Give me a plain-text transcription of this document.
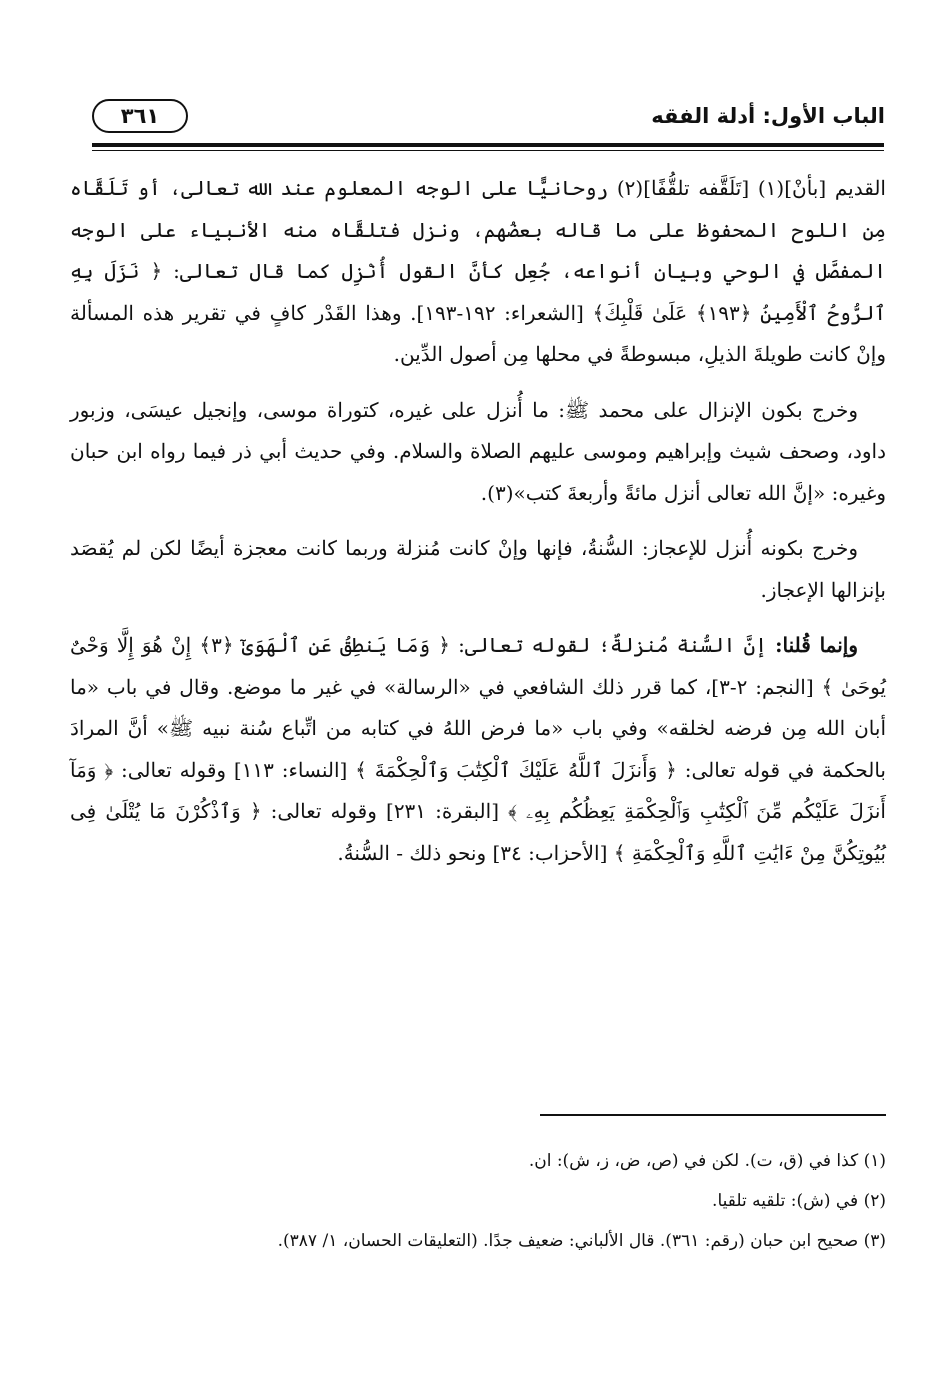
الباب الأول: أدلة الفقه
٣٦١

القديم [بأنْ](١) [تَلَقَّفه تلقُّفًا](٢) روحانيًّا على الوجه المعلوم عند الله تعالى، أو تَلَقَّاه مِن اللوح المحفوظ على ما قاله بعضُهم، ونزل فتلقَّاه منه الأنبياء على الوجه المفصَّل في الوحي وبيان أنواعه، جُعِل كأنَّ القول أُنْزِل كما قال تعالى: ﴿ نَزَلَ بِهِ ٱلرُّوحُ ٱلْأَمِينُ ﴿١٩٣﴾ عَلَىٰ قَلْبِكَ﴾ [الشعراء: ١٩٢-١٩٣]. وهذا القَدْر كافٍ في تقرير هذه المسألة وإنْ كانت طويلةَ الذيلِ، مبسوطةً في محلها مِن أصول الدِّين.

وخرج بكون الإنزال على محمد ﷺ: ما أُنزل على غيره، كتوراة موسى، وإنجيل عيسَى، وزبور داود، وصحف شيث وإبراهيم وموسى عليهم الصلاة والسلام. وفي حديث أبي ذر فيما رواه ابن حبان وغيره: «إنَّ الله تعالى أنزل مائةً وأربعةَ كتب»(٣).

وخرج بكونه أُنزل للإعجاز: السُّنةُ، فإنها وإنْ كانت مُنزلة وربما كانت معجزة أيضًا لكن لم يُقصَد بإنزالها الإعجاز.

وإنما قُلنا: إنَّ السُّنة مُنزلةٌ؛ لقوله تعالى: ﴿ وَمَا يَنطِقُ عَنِ ٱلْهَوَىٰٓ ﴿٣﴾ إِنْ هُوَ إِلَّا وَحْىٌ يُوحَىٰ ﴾ [النجم: ٢-٣]، كما قرر ذلك الشافعي في «الرسالة» في غير ما موضع. وقال في باب «ما أبان الله مِن فرضه لخلقه» وفي باب «ما فرض اللهُ في كتابه من اتِّباع سُنة نبيه ﷺ» أنَّ المرادَ بالحكمة في قوله تعالى: ﴿ وَأَنزَلَ ٱللَّهُ عَلَيْكَ ٱلْكِتَٰبَ وَٱلْحِكْمَةَ ﴾ [النساء: ١١٣] وقوله تعالى: ﴿ وَمَآ أَنزَلَ عَلَيْكُم مِّنَ ٱلْكِتَٰبِ وَٱلْحِكْمَةِ يَعِظُكُم بِهِۦ ﴾ [البقرة: ٢٣١] وقوله تعالى: ﴿ وَٱذْكُرْنَ مَا يُتْلَىٰ فِى بُيُوتِكُنَّ مِنْ ءَايَٰتِ ٱللَّهِ وَٱلْحِكْمَةِ ﴾ [الأحزاب: ٣٤] ونحو ذلك - السُّنةُ.

(١) كذا في (ق، ت). لكن في (ص، ض، ز، ش): ان.
(٢) في (ش): تلقيه تلقيا.
(٣) صحيح ابن حبان (رقم: ٣٦١). قال الألباني: ضعيف جدًا. (التعليقات الحسان، ١/ ٣٨٧).
